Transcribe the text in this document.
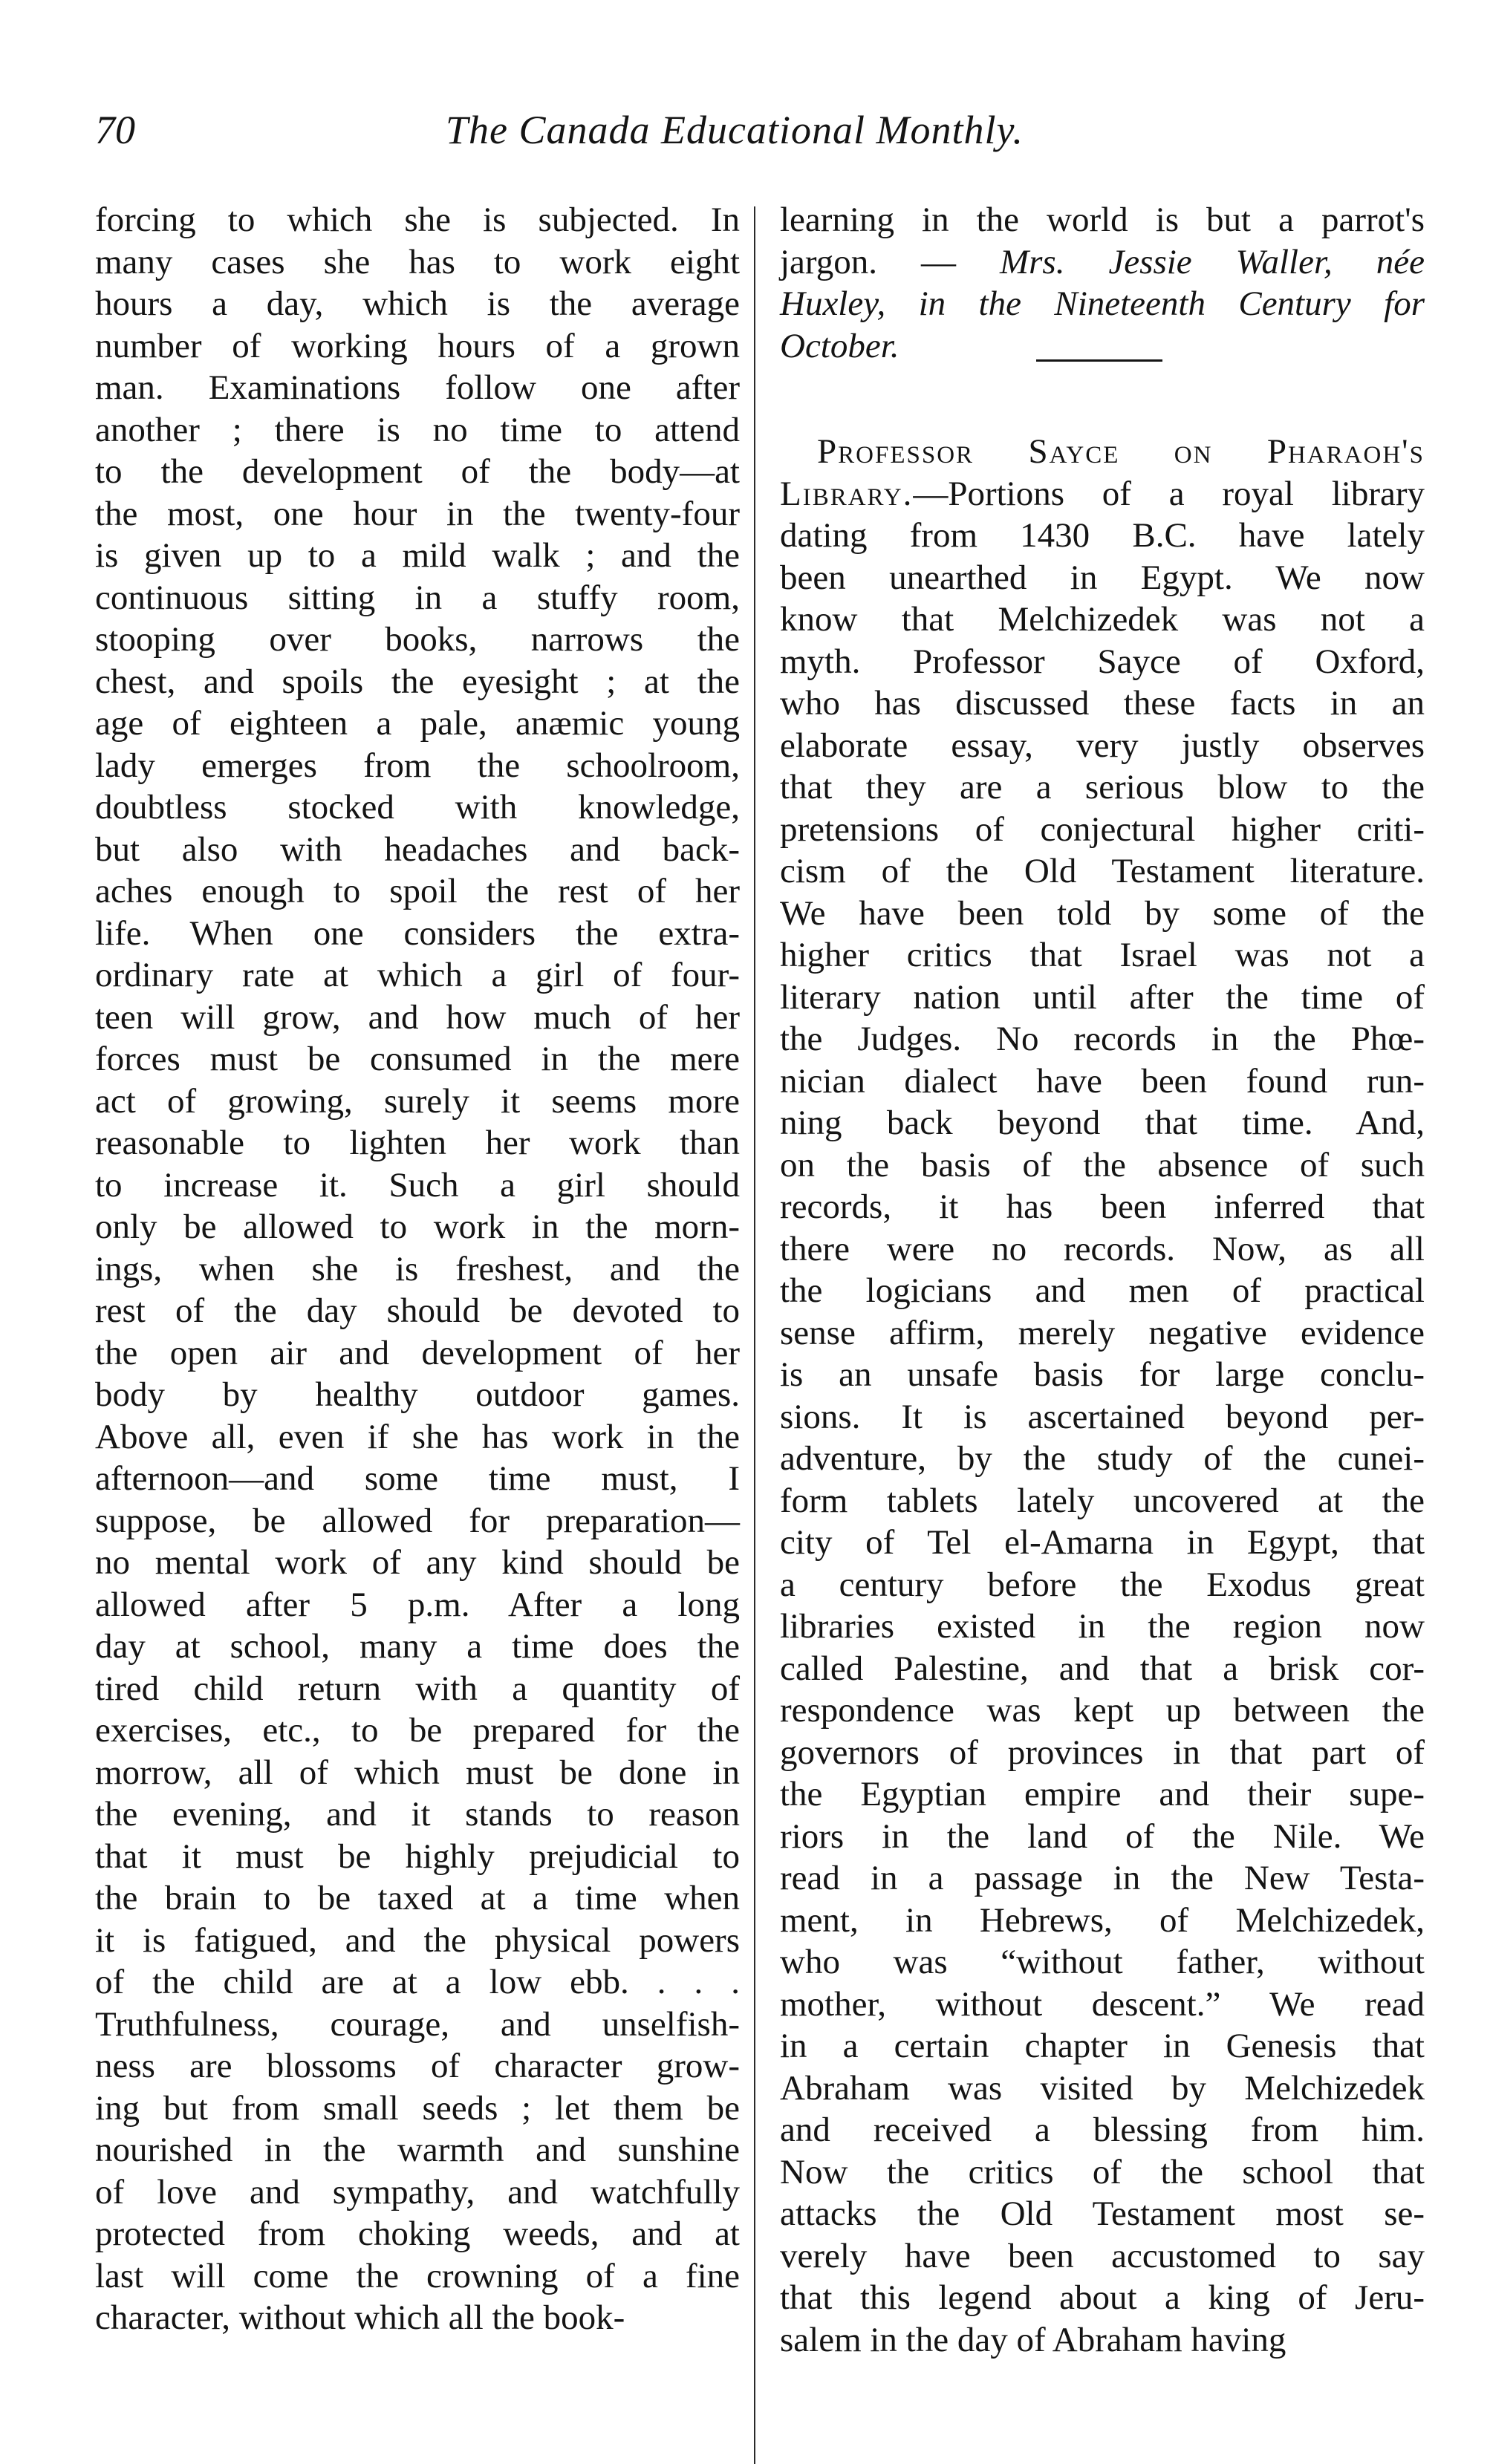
70	The Canada Educational Monthly.
forcing to which she is subjected. In
many cases she has to work eight
hours a day, which is the average
number of working hours of a grown
man. Examinations follow one after
another ; there is no time to attend
to the development of the body—at
the most, one hour in the twenty-four
is given up to a mild walk ; and the
continuous sitting in a stuffy room,
stooping over books, narrows the
chest, and spoils the eyesight ; at the
age of eighteen a pale, anæmic young
lady emerges from the schoolroom,
doubtless stocked with knowledge,
but also with headaches and back-
aches enough to spoil the rest of her
life. When one considers the extra-
ordinary rate at which a girl of four-
teen will grow, and how much of her
forces must be consumed in the mere
act of growing, surely it seems more
reasonable to lighten her work than
to increase it. Such a girl should
only be allowed to work in the morn-
ings, when she is freshest, and the
rest of the day should be devoted to
the open air and development of her
body by healthy outdoor games.
Above all, even if she has work in the
afternoon—and some time must, I
suppose, be allowed for preparation—
no mental work of any kind should be
allowed after 5 p.m. After a long
day at school, many a time does the
tired child return with a quantity of
exercises, etc., to be prepared for the
morrow, all of which must be done in
the evening, and it stands to reason
that it must be highly prejudicial to
the brain to be taxed at a time when
it is fatigued, and the physical powers
of the child are at a low ebb. . . .
Truthfulness, courage, and unselfish-
ness are blossoms of character grow-
ing but from small seeds ; let them be
nourished in the warmth and sunshine
of love and sympathy, and watchfully
protected from choking weeds, and at
last will come the crowning of a fine
character, without which all the book-
learning in the world is but a parrot's
jargon. — Mrs. Jessie Waller, née
Huxley, in the Nineteenth Century for
October.
Professor Sayce on Pharaoh's
Library.—Portions of a royal library
dating from 1430 B.C. have lately
been unearthed in Egypt. We now
know that Melchizedek was not a
myth. Professor Sayce of Oxford,
who has discussed these facts in an
elaborate essay, very justly observes
that they are a serious blow to the
pretensions of conjectural higher criti-
cism of the Old Testament literature.
We have been told by some of the
higher critics that Israel was not a
literary nation until after the time of
the Judges. No records in the Phœ-
nician dialect have been found run-
ning back beyond that time. And,
on the basis of the absence of such
records, it has been inferred that
there were no records. Now, as all
the logicians and men of practical
sense affirm, merely negative evidence
is an unsafe basis for large conclu-
sions. It is ascertained beyond per-
adventure, by the study of the cunei-
form tablets lately uncovered at the
city of Tel el-Amarna in Egypt, that
a century before the Exodus great
libraries existed in the region now
called Palestine, and that a brisk cor-
respondence was kept up between the
governors of provinces in that part of
the Egyptian empire and their supe-
riors in the land of the Nile. We
read in a passage in the New Testa-
ment, in Hebrews, of Melchizedek,
who was “without father, without
mother, without descent.” We read
in a certain chapter in Genesis that
Abraham was visited by Melchizedek
and received a blessing from him.
Now the critics of the school that
attacks the Old Testament most se-
verely have been accustomed to say
that this legend about a king of Jeru-
salem in the day of Abraham having
